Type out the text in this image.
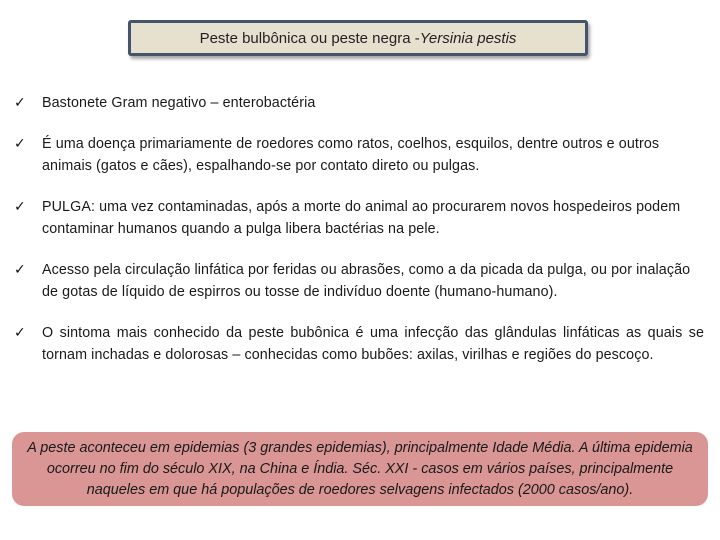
Peste bulbônica ou peste negra - Yersinia pestis
✓ Bastonete Gram negativo – enterobactéria
✓ É uma doença primariamente de roedores como ratos, coelhos, esquilos, dentre outros e outros animais (gatos e cães), espalhando-se por contato direto ou pulgas.
✓ PULGA: uma vez contaminadas, após a morte do animal ao procurarem novos hospedeiros podem contaminar humanos quando a pulga libera bactérias na pele.
✓ Acesso pela circulação linfática por feridas ou abrasões, como a da picada da pulga, ou por inalação de gotas de líquido de espirros ou tosse de indivíduo doente (humano-humano).
✓ O sintoma mais conhecido da peste bubônica é uma infecção das glândulas linfáticas as quais se tornam inchadas e dolorosas – conhecidas como bubões: axilas, virilhas e regiões do pescoço.
A peste aconteceu em epidemias (3 grandes epidemias), principalmente Idade Média. A última epidemia ocorreu no fim do século XIX, na China e Índia. Séc. XXI - casos em vários países, principalmente naqueles em que há populações de roedores selvagens infectados (2000 casos/ano).
